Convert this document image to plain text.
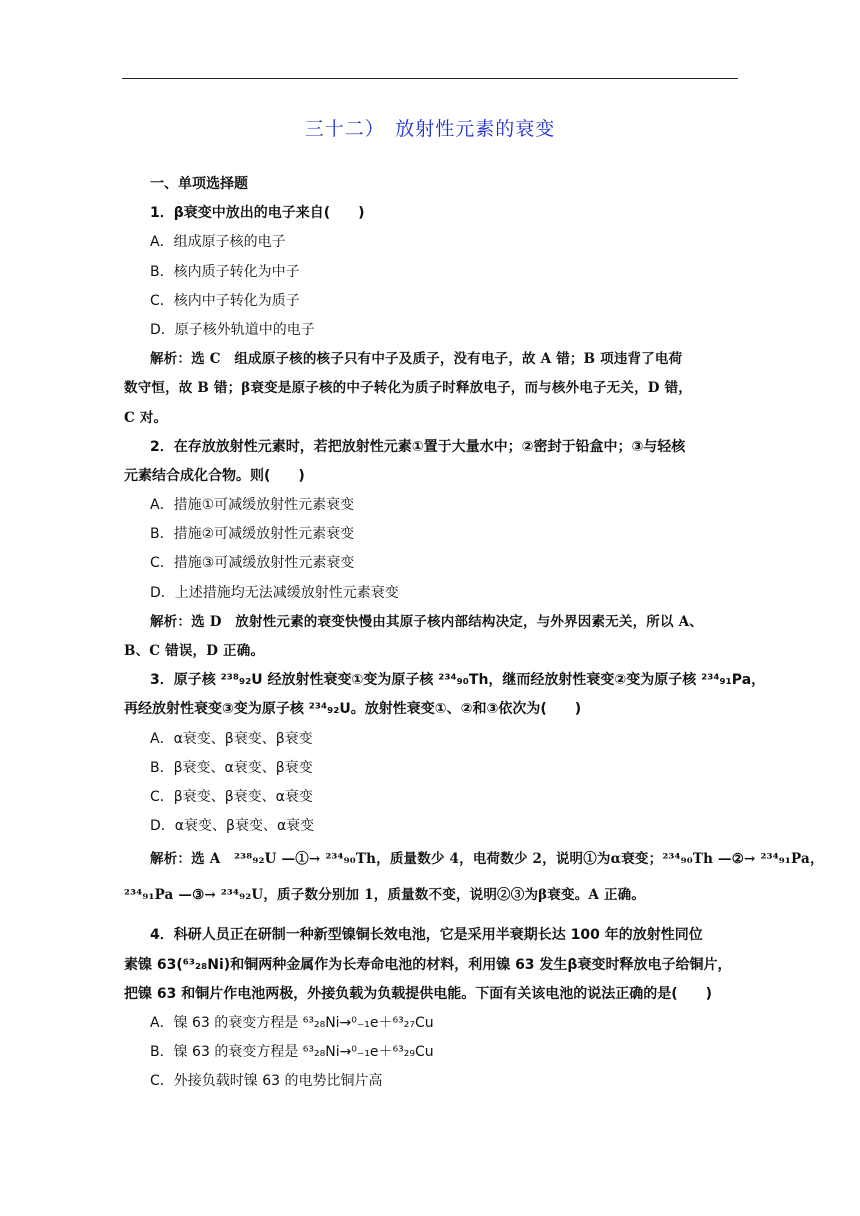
三十二）　放射性元素的衰变
一、单项选择题
1．β衰变中放出的电子来自(　　)
A．组成原子核的电子
B．核内质子转化为中子
C．核内中子转化为质子
D．原子核外轨道中的电子
解析：选 C　组成原子核的核子只有中子及质子，没有电子，故 A 错；B 项违背了电荷
数守恒，故 B 错；β衰变是原子核的中子转化为质子时释放电子，而与核外电子无关，D 错，
C 对。
2．在存放放射性元素时，若把放射性元素①置于大量水中；②密封于铅盒中；③与轻核
元素结合成化合物。则(　　)
A．措施①可减缓放射性元素衰变
B．措施②可减缓放射性元素衰变
C．措施③可减缓放射性元素衰变
D．上述措施均无法减缓放射性元素衰变
解析：选 D　放射性元素的衰变快慢由其原子核内部结构决定，与外界因素无关，所以 A、
B、C 错误，D 正确。
3．原子核 ²³⁸₉₂U 经放射性衰变①变为原子核 ²³⁴₉₀Th，继而经放射性衰变②变为原子核 ²³⁴₉₁Pa，
再经放射性衰变③变为原子核 ²³⁴₉₂U。放射性衰变①、②和③依次为(　　)
A．α衰变、β衰变、β衰变
B．β衰变、α衰变、β衰变
C．β衰变、β衰变、α衰变
D．α衰变、β衰变、α衰变
解析：选 A　²³⁸₉₂U —①→ ²³⁴₉₀Th，质量数少 4，电荷数少 2，说明①为α衰变；²³⁴₉₀Th —②→ ²³⁴₉₁Pa，
²³⁴₉₁Pa —③→ ²³⁴₉₂U，质子数分别加 1，质量数不变，说明②③为β衰变。A 正确。
4．科研人员正在研制一种新型镍铜长效电池，它是采用半衰期长达 100 年的放射性同位
素镍 63(⁶³₂₈Ni)和铜两种金属作为长寿命电池的材料，利用镍 63 发生β衰变时释放电子给铜片，
把镍 63 和铜片作电池两极，外接负载为负载提供电能。下面有关该电池的说法正确的是(　　)
A．镍 63 的衰变方程是 ⁶³₂₈Ni→⁰₋₁e＋⁶³₂₇Cu
B．镍 63 的衰变方程是 ⁶³₂₈Ni→⁰₋₁e＋⁶³₂₉Cu
C．外接负载时镍 63 的电势比铜片高
